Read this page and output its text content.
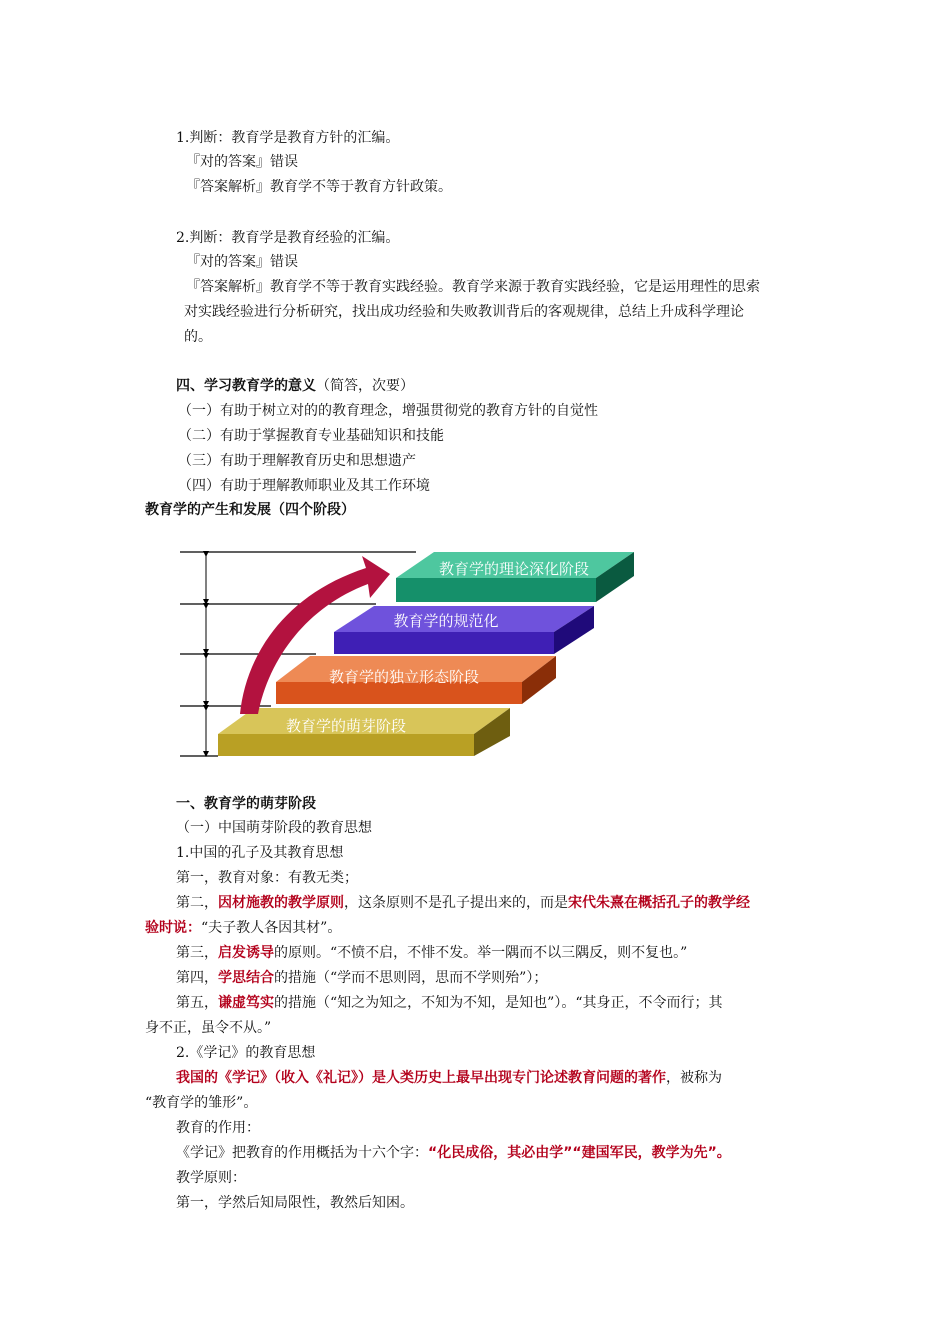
1.判断：教育学是教育方针的汇编。
『对的答案』错误
『答案解析』教育学不等于教育方针政策。
2.判断：教育学是教育经验的汇编。
『对的答案』错误
『答案解析』教育学不等于教育实践经验。教育学来源于教育实践经验，它是运用理性的思索
对实践经验进行分析研究，找出成功经验和失败教训背后的客观规律，总结上升成科学理论
的。
四、学习教育学的意义（简答，次要）
（一）有助于树立对的的教育理念，增强贯彻党的教育方针的自觉性
（二）有助于掌握教育专业基础知识和技能
（三）有助于理解教育历史和思想遗产
（四）有助于理解教师职业及其工作环境
教育学的产生和发展（四个阶段）
教育学的萌芽阶段
教育学的独立形态阶段
教育学的规范化
教育学的理论深化阶段
一、教育学的萌芽阶段
（一）中国萌芽阶段的教育思想
1.中国的孔子及其教育思想
第一，教育对象：有教无类；
第二，因材施教的教学原则，这条原则不是孔子提出来的，而是宋代朱熹在概括孔子的教学经
验时说：“夫子教人各因其材”。
第三，启发诱导的原则。“不愤不启，不悱不发。举一隅而不以三隅反，则不复也。”
第四，学思结合的措施（“学而不思则罔，思而不学则殆”）；
第五，谦虚笃实的措施（“知之为知之，不知为不知，是知也”）。“其身正，不令而行；其
身不正，虽令不从。”
2.《学记》的教育思想
我国的《学记》（收入《礼记》）是人类历史上最早出现专门论述教育问题的著作，被称为
“教育学的雏形”。
教育的作用：
《学记》把教育的作用概括为十六个字：“化民成俗，其必由学”“建国军民，教学为先”。
教学原则：
第一，学然后知局限性，教然后知困。
